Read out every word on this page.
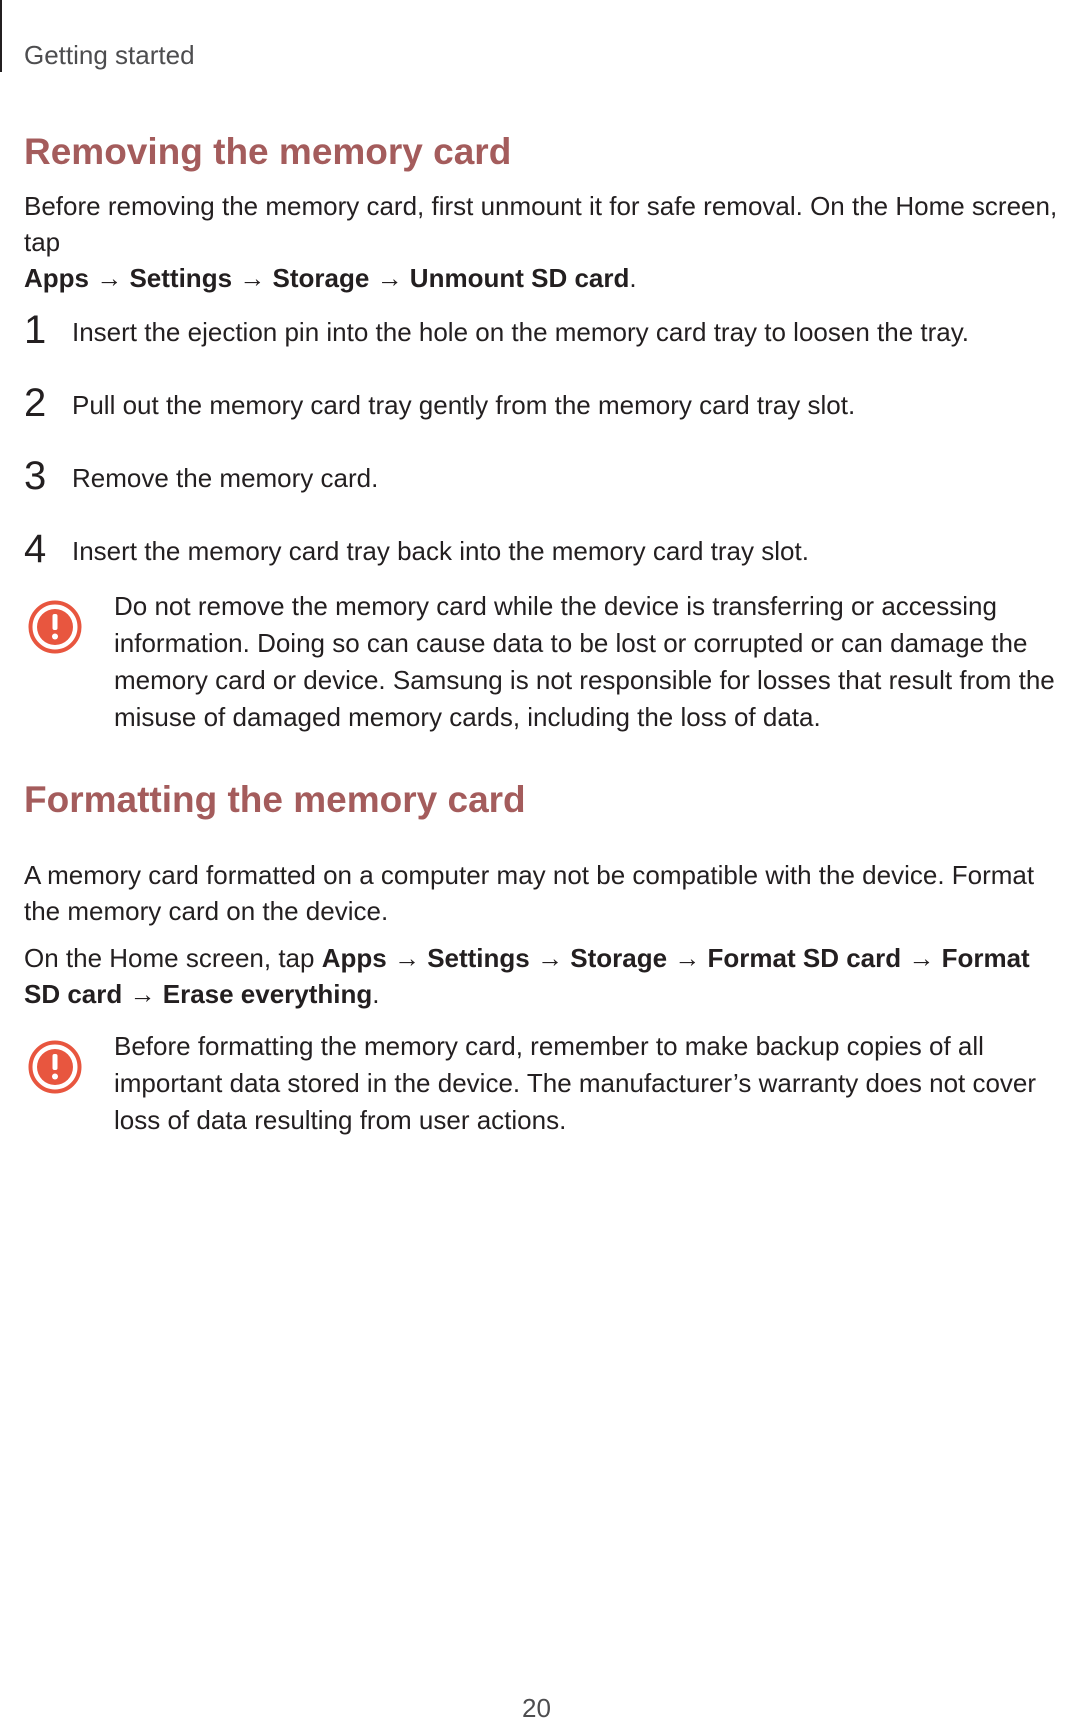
Getting started
Removing the memory card
Before removing the memory card, first unmount it for safe removal. On the Home screen, tap
Apps → Settings → Storage → Unmount SD card.
1 Insert the ejection pin into the hole on the memory card tray to loosen the tray.
2 Pull out the memory card tray gently from the memory card tray slot.
3 Remove the memory card.
4 Insert the memory card tray back into the memory card tray slot.
Do not remove the memory card while the device is transferring or accessing information. Doing so can cause data to be lost or corrupted or can damage the memory card or device. Samsung is not responsible for losses that result from the misuse of damaged memory cards, including the loss of data.
Formatting the memory card
A memory card formatted on a computer may not be compatible with the device. Format the memory card on the device.
On the Home screen, tap Apps → Settings → Storage → Format SD card → Format SD card → Erase everything.
Before formatting the memory card, remember to make backup copies of all important data stored in the device. The manufacturer’s warranty does not cover loss of data resulting from user actions.
20
